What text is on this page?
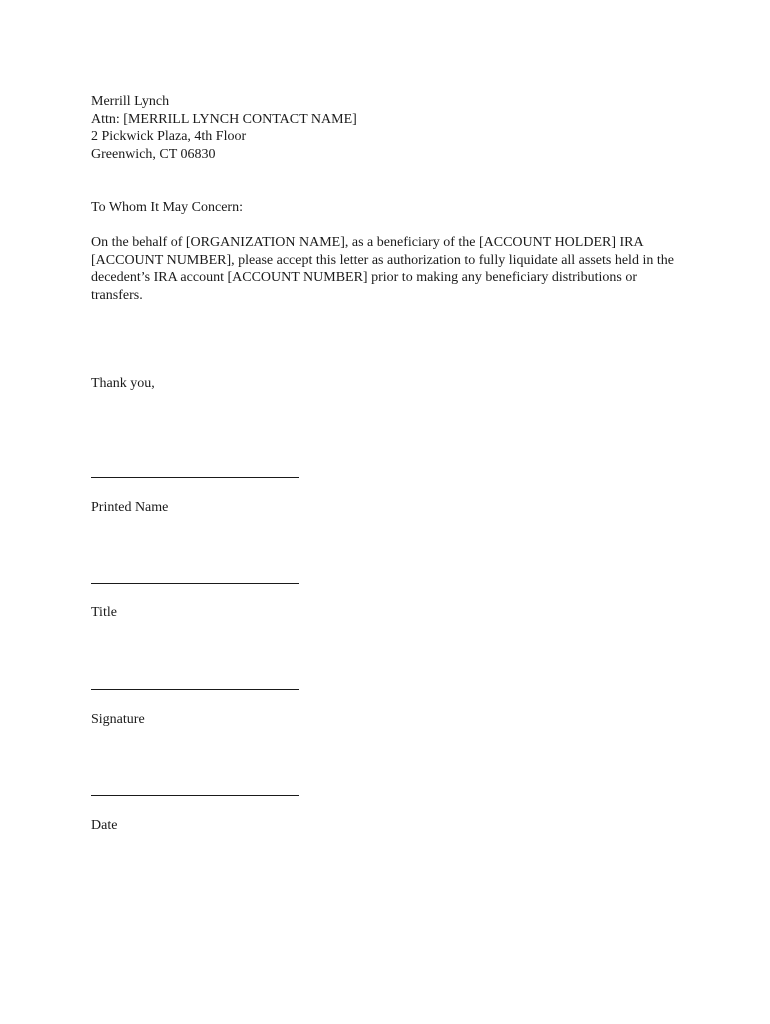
Merrill Lynch
Attn: [MERRILL LYNCH CONTACT NAME]
2 Pickwick Plaza, 4th Floor
Greenwich, CT 06830
To Whom It May Concern:
On the behalf of [ORGANIZATION NAME], as a beneficiary of the [ACCOUNT HOLDER] IRA [ACCOUNT NUMBER], please accept this letter as authorization to fully liquidate all assets held in the decedent’s IRA account [ACCOUNT NUMBER] prior to making any beneficiary distributions or transfers.
Thank you,
Printed Name
Title
Signature
Date
